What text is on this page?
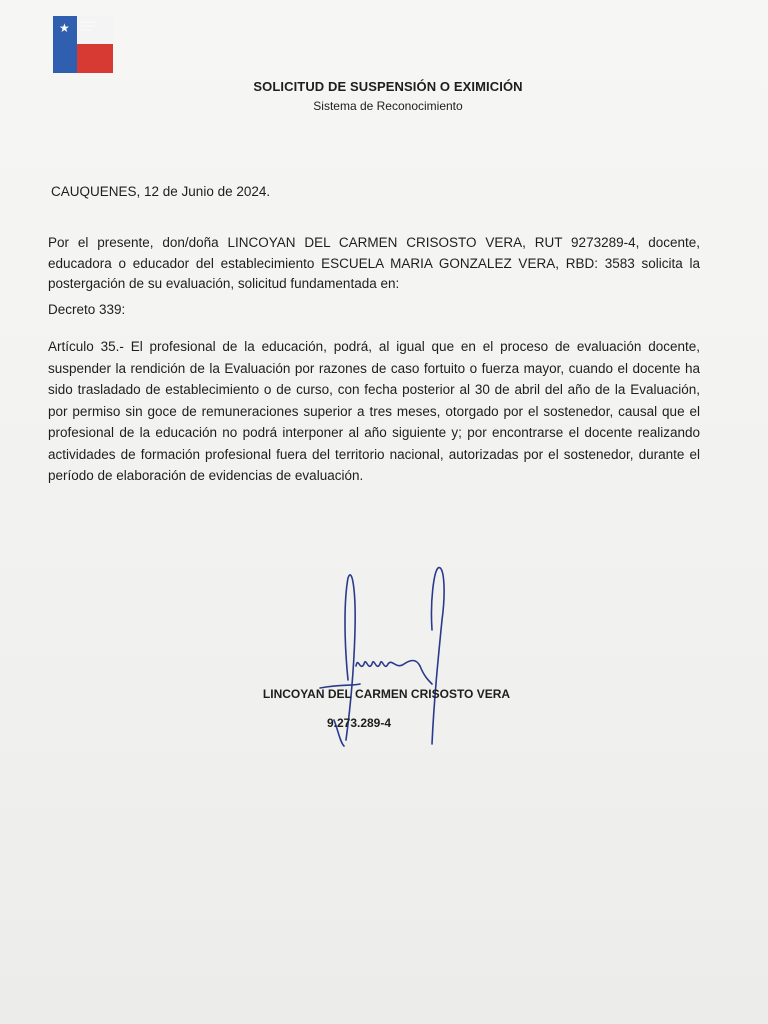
★	Unidad de
Evaluación
Docente
SOLICITUD DE SUSPENSIÓN O EXIMICIÓN
Sistema de Reconocimiento
CAUQUENES, 12 de Junio de 2024.
Por el presente, don/doña LINCOYAN DEL CARMEN CRISOSTO VERA, RUT 9273289-4, docente, educadora o educador del establecimiento ESCUELA MARIA GONZALEZ VERA, RBD: 3583 solicita la postergación de su evaluación, solicitud fundamentada en:
Decreto 339:
Artículo 35.- El profesional de la educación, podrá, al igual que en el proceso de evaluación docente, suspender la rendición de la Evaluación por razones de caso fortuito o fuerza mayor, cuando el docente ha sido trasladado de establecimiento o de curso, con fecha posterior al 30 de abril del año de la Evaluación, por permiso sin goce de remuneraciones superior a tres meses, otorgado por el sostenedor, causal que el profesional de la educación no podrá interponer al año siguiente y; por encontrarse el docente realizando actividades de formación profesional fuera del territorio nacional, autorizadas por el sostenedor, durante el período de elaboración de evidencias de evaluación.
LINCOYAN DEL CARMEN CRISOSTO VERA
9.273.289-4
